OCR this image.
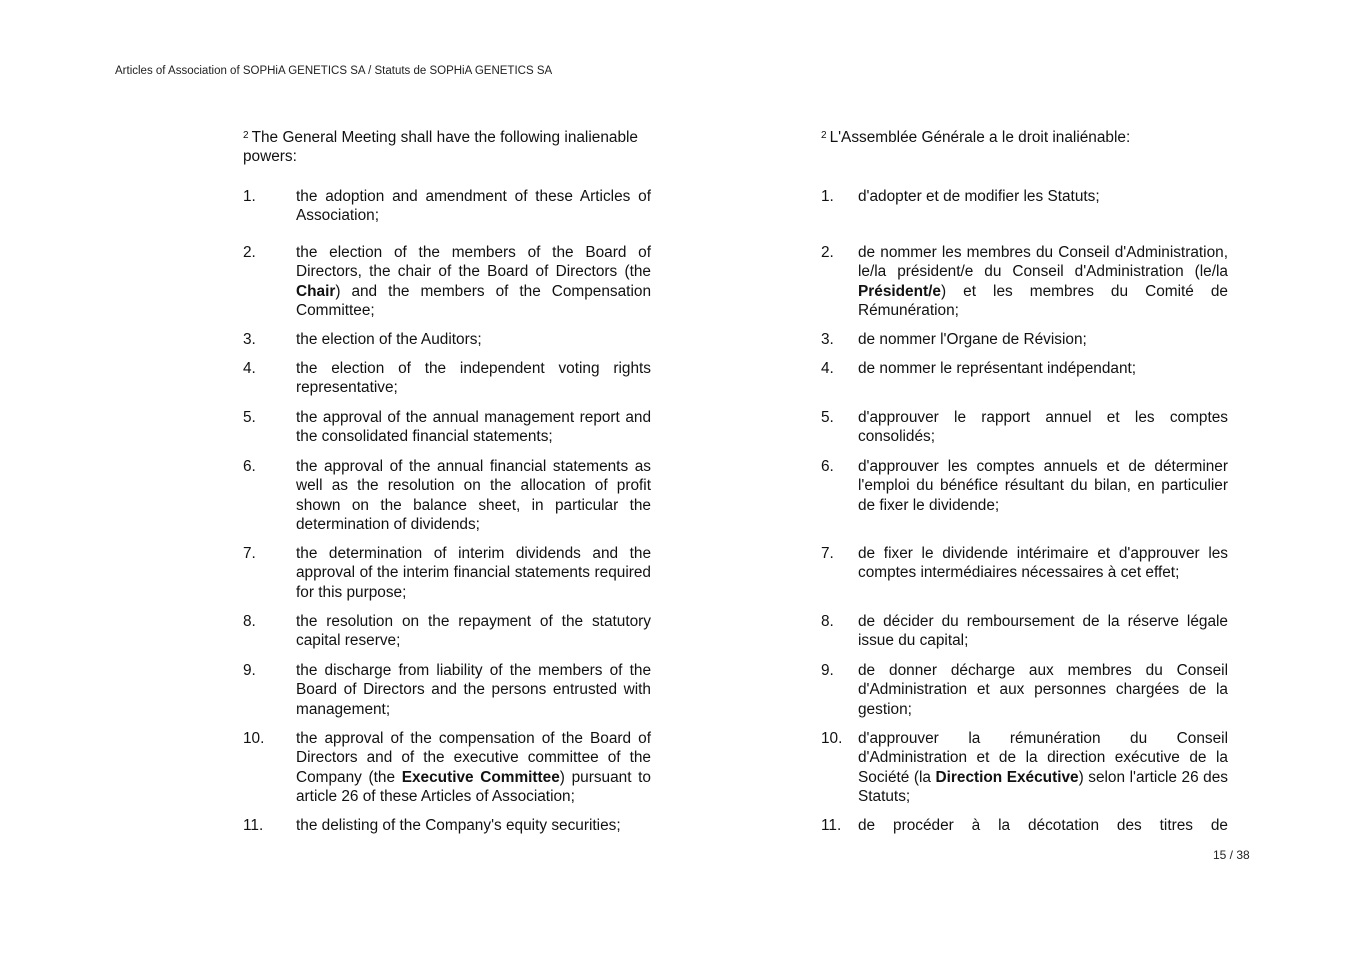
Articles of Association of SOPHiA GENETICS SA / Statuts de SOPHiA GENETICS SA
$^2$ The General Meeting shall have the following inalienable powers:
1.	the adoption and amendment of these Articles of Association;
2.	the election of the members of the Board of Directors, the chair of the Board of Directors (the Chair) and the members of the Compensation Committee;
3.	the election of the Auditors;
4.	the election of the independent voting rights representative;
5.	the approval of the annual management report and the consolidated financial statements;
6.	the approval of the annual financial statements as well as the resolution on the allocation of profit shown on the balance sheet, in particular the determination of dividends;
7.	the determination of interim dividends and the approval of the interim financial statements required for this purpose;
8.	the resolution on the repayment of the statutory capital reserve;
9.	the discharge from liability of the members of the Board of Directors and the persons entrusted with management;
10.	the approval of the compensation of the Board of Directors and of the executive committee of the Company (the Executive Committee) pursuant to article 26 of these Articles of Association;
11.	the delisting of the Company's equity securities;
$^2$ L'Assemblée Générale a le droit inaliénable:
1.	d'adopter et de modifier les Statuts;
2.	de nommer les membres du Conseil d'Administration, le/la président/e du Conseil d'Administration (le/la Président/e) et les membres du Comité de Rémunération;
3.	de nommer l'Organe de Révision;
4.	de nommer le représentant indépendant;
5.	d'approuver le rapport annuel et les comptes consolidés;
6.	d'approuver les comptes annuels et de déterminer l'emploi du bénéfice résultant du bilan, en particulier de fixer le dividende;
7.	de fixer le dividende intérimaire et d'approuver les comptes intermédiaires nécessaires à cet effet;
8.	de décider du remboursement de la réserve légale issue du capital;
9.	de donner décharge aux membres du Conseil d'Administration et aux personnes chargées de la gestion;
10.	d'approuver la rémunération du Conseil d'Administration et de la direction exécutive de la Société (la Direction Exécutive) selon l'article 26 des Statuts;
11.	de procéder à la décotation des titres de
15 / 38
